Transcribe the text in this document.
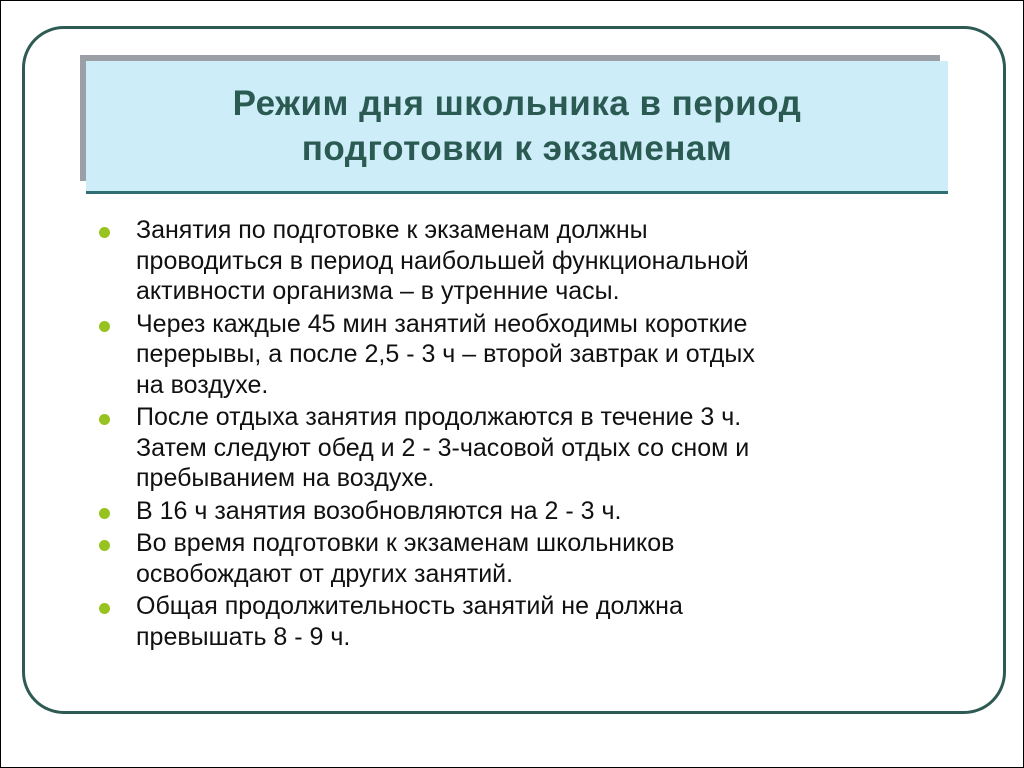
Режим дня школьника в период
подготовки к экзаменам
Занятия по подготовке к экзаменам должны
проводиться в период наибольшей функциональной
активности организма – в утренние часы.
Через каждые 45 мин занятий необходимы короткие
перерывы, а после 2,5 - 3 ч – второй завтрак и отдых
на воздухе.
После отдыха занятия продолжаются в течение 3 ч.
Затем следуют обед и 2 - 3-часовой отдых со сном и
пребыванием на воздухе.
В 16 ч занятия возобновляются на 2 - 3 ч.
Во время подготовки к экзаменам школьников
освобождают от других занятий.
Общая продолжительность занятий не должна
превышать 8 - 9 ч.
